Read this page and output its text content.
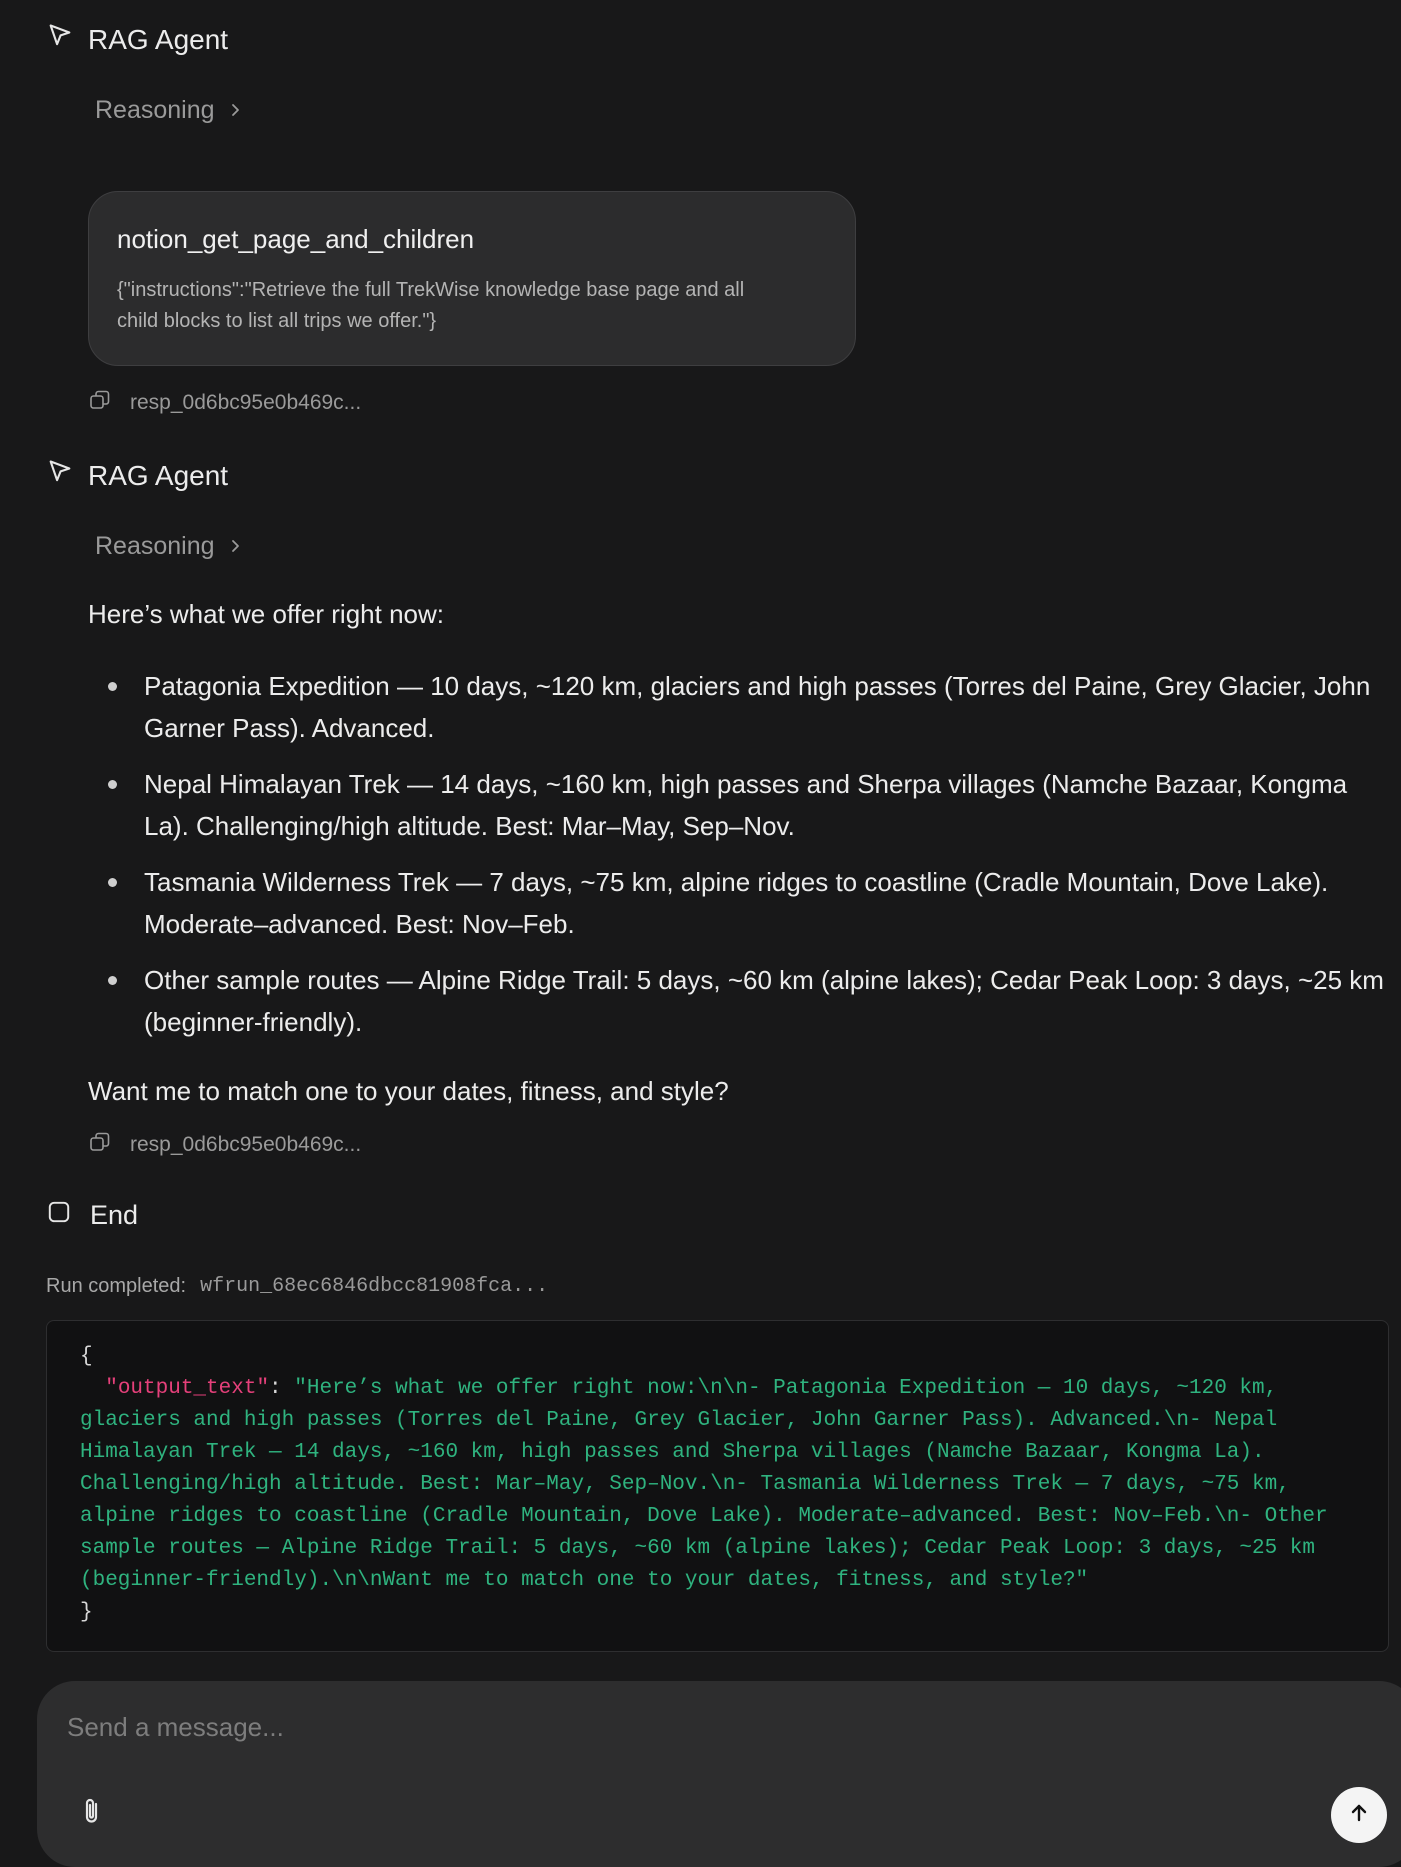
RAG Agent
Reasoning
notion_get_page_and_children
{"instructions":"Retrieve the full TrekWise knowledge base page and all
child blocks to list all trips we offer."}
resp_0d6bc95e0b469c...
RAG Agent
Reasoning
Here’s what we offer right now:
Patagonia Expedition — 10 days, ~120 km, glaciers and high passes (Torres del Paine, Grey Glacier, John Garner Pass). Advanced.
Nepal Himalayan Trek — 14 days, ~160 km, high passes and Sherpa villages (Namche Bazaar, Kongma La). Challenging/high altitude. Best: Mar–May, Sep–Nov.
Tasmania Wilderness Trek — 7 days, ~75 km, alpine ridges to coastline (Cradle Mountain, Dove Lake). Moderate–advanced. Best: Nov–Feb.
Other sample routes — Alpine Ridge Trail: 5 days, ~60 km (alpine lakes); Cedar Peak Loop: 3 days, ~25 km (beginner-friendly).
Want me to match one to your dates, fitness, and style?
resp_0d6bc95e0b469c...
End
Run completed: wfrun_68ec6846dbcc81908fca...
{
"output_text": "Here’s what we offer right now:\n\n- Patagonia Expedition — 10 days, ~120 km, glaciers and high passes (Torres del Paine, Grey Glacier, John Garner Pass). Advanced.\n- Nepal Himalayan Trek — 14 days, ~160 km, high passes and Sherpa villages (Namche Bazaar, Kongma La). Challenging/high altitude. Best: Mar–May, Sep–Nov.\n- Tasmania Wilderness Trek — 7 days, ~75 km, alpine ridges to coastline (Cradle Mountain, Dove Lake). Moderate–advanced. Best: Nov–Feb.\n- Other sample routes — Alpine Ridge Trail: 5 days, ~60 km (alpine lakes); Cedar Peak Loop: 3 days, ~25 km (beginner-friendly).\n\nWant me to match one to your dates, fitness, and style?"
}
Send a message...
